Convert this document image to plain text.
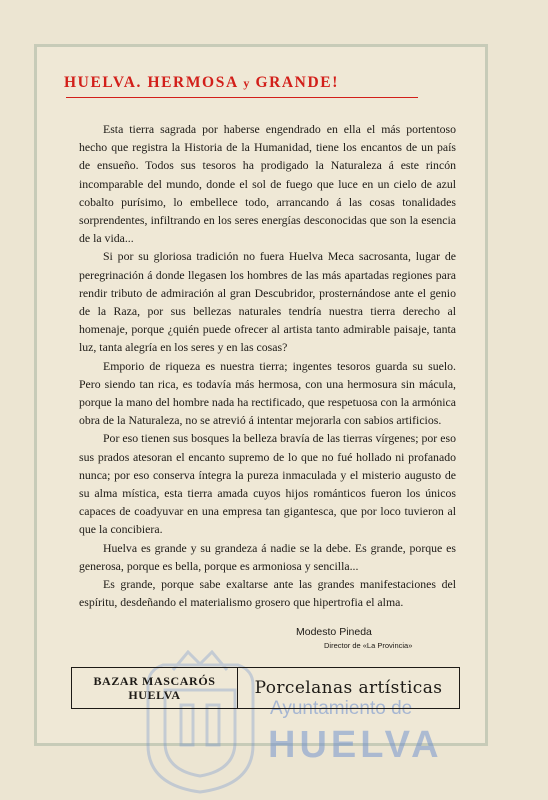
HUELVA. HERMOSA y GRANDE!

Esta tierra sagrada por haberse engendrado en ella el más portentoso hecho que registra la Historia de la Humanidad, tiene los encantos de un país de ensueño. Todos sus tesoros ha prodigado la Naturaleza á este rincón incomparable del mundo, donde el sol de fuego que luce en un cielo de azul cobalto purísimo, lo embellece todo, arrancando á las cosas tonalidades sorprendentes, infiltrando en los seres energías desconocidas que son la esencia de la vida...

Si por su gloriosa tradición no fuera Huelva Meca sacrosanta, lugar de peregrinación á donde llegasen los hombres de las más apartadas regiones para rendir tributo de admiración al gran Descubridor, prosternándose ante el genio de la Raza, por sus bellezas naturales tendría nuestra tierra derecho al homenaje, porque ¿quién puede ofrecer al artista tanto admirable paisaje, tanta luz, tanta alegría en los seres y en las cosas?

Emporio de riqueza es nuestra tierra; ingentes tesoros guarda su suelo. Pero siendo tan rica, es todavía más hermosa, con una hermosura sin mácula, porque la mano del hombre nada ha rectificado, que respetuosa con la armónica obra de la Naturaleza, no se atrevió á intentar mejorarla con sabios artificios.

Por eso tienen sus bosques la belleza bravía de las tierras vírgenes; por eso sus prados atesoran el encanto supremo de lo que no fué hollado ni profanado nunca; por eso conserva íntegra la pureza inmaculada y el misterio augusto de su alma mística, esta tierra amada cuyos hijos románticos fueron los únicos capaces de coadyuvar en una empresa tan gigantesca, que por loco tuvieron al que la concibiera.

Huelva es grande y su grandeza á nadie se la debe. Es grande, porque es generosa, porque es bella, porque es armoniosa y sencilla...

Es grande, porque sabe exaltarse ante las grandes manifestaciones del espíritu, desdeñando el materialismo grosero que hipertrofia el alma.

Modesto Pineda
Director de «La Provincia»
Ayuntamiento de
HUELVA
BAZAR MASCARÓS
HUELVA	Porcelanas artísticas
